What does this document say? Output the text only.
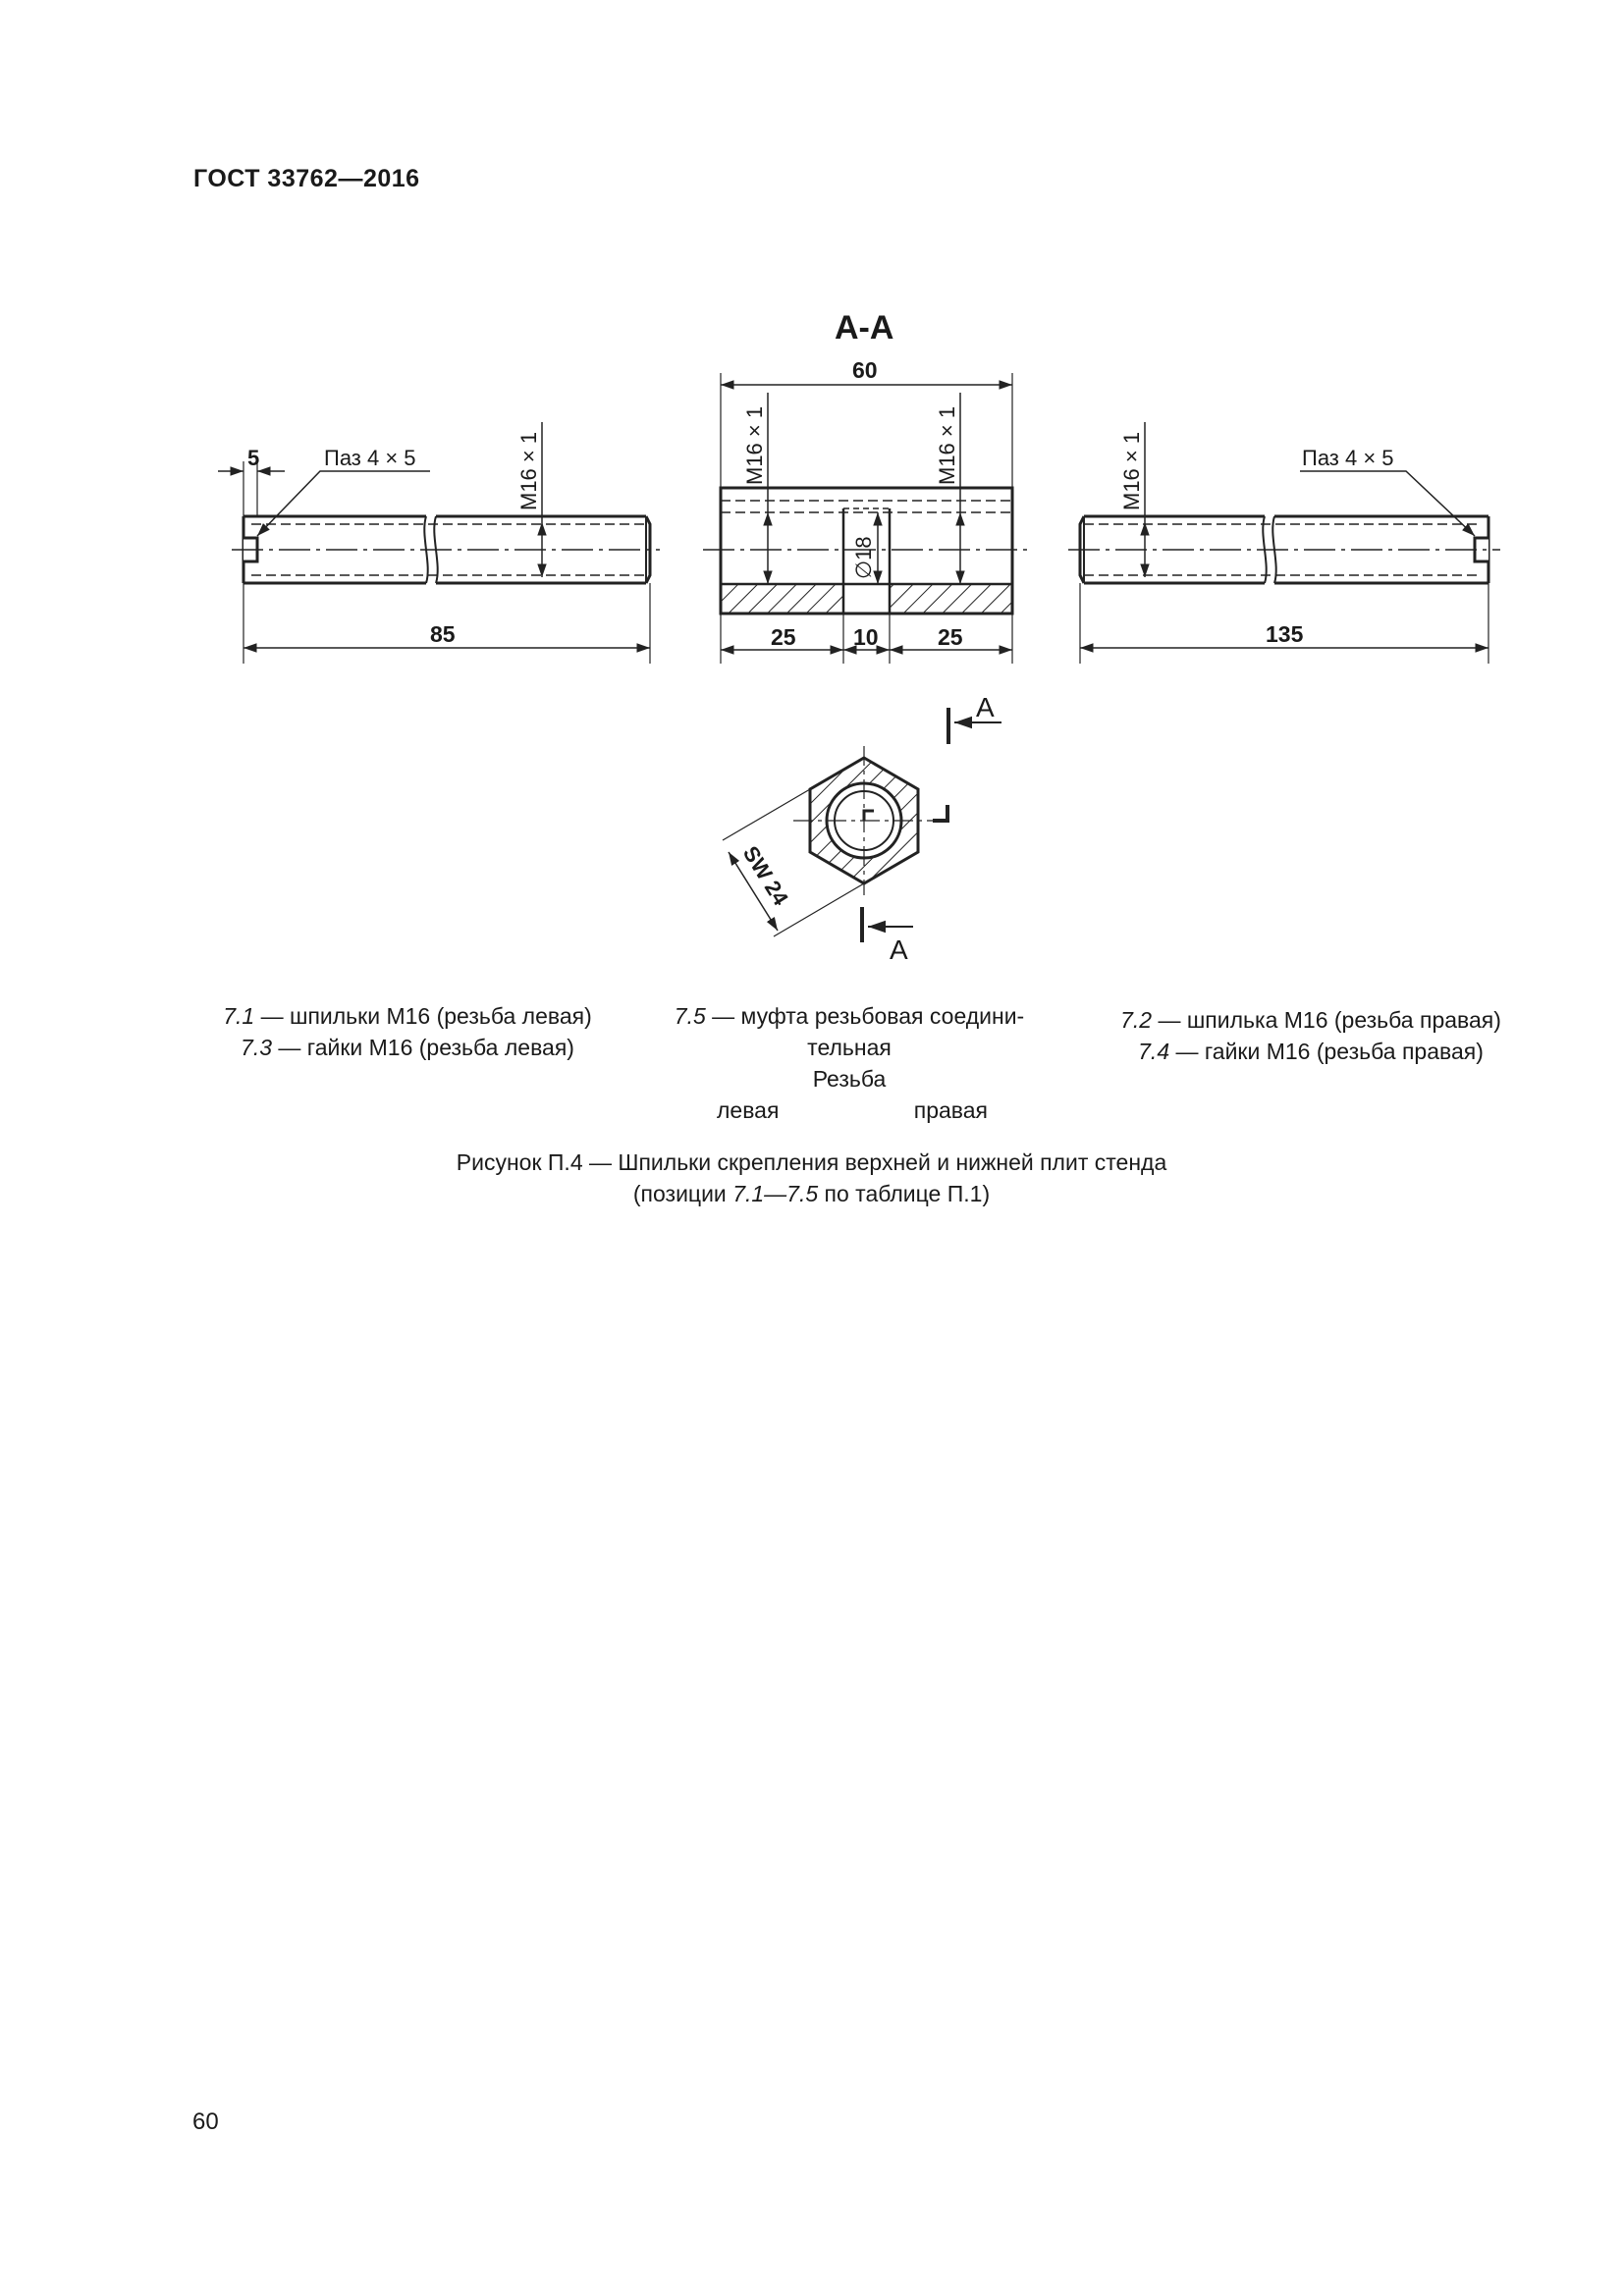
ГОСТ 33762—2016
5	Паз 4 × 5	М16 × 1
85
А-А
60
М16 × 1	М16 × 1
∅18
25	10	25
Паз 4 × 5
М16 × 1
135
А
А
SW 24
7.1 — шпильки М16 (резьба левая)
7.3 — гайки М16 (резьба левая)
7.5 — муфта резьбовая соедини-
тельная
Резьба
левая	правая
7.2 — шпилька М16 (резьба правая)
7.4 — гайки М16 (резьба правая)
Рисунок П.4 — Шпильки скрепления верхней и нижней плит стенда
(позиции 7.1—7.5 по таблице П.1)
60
